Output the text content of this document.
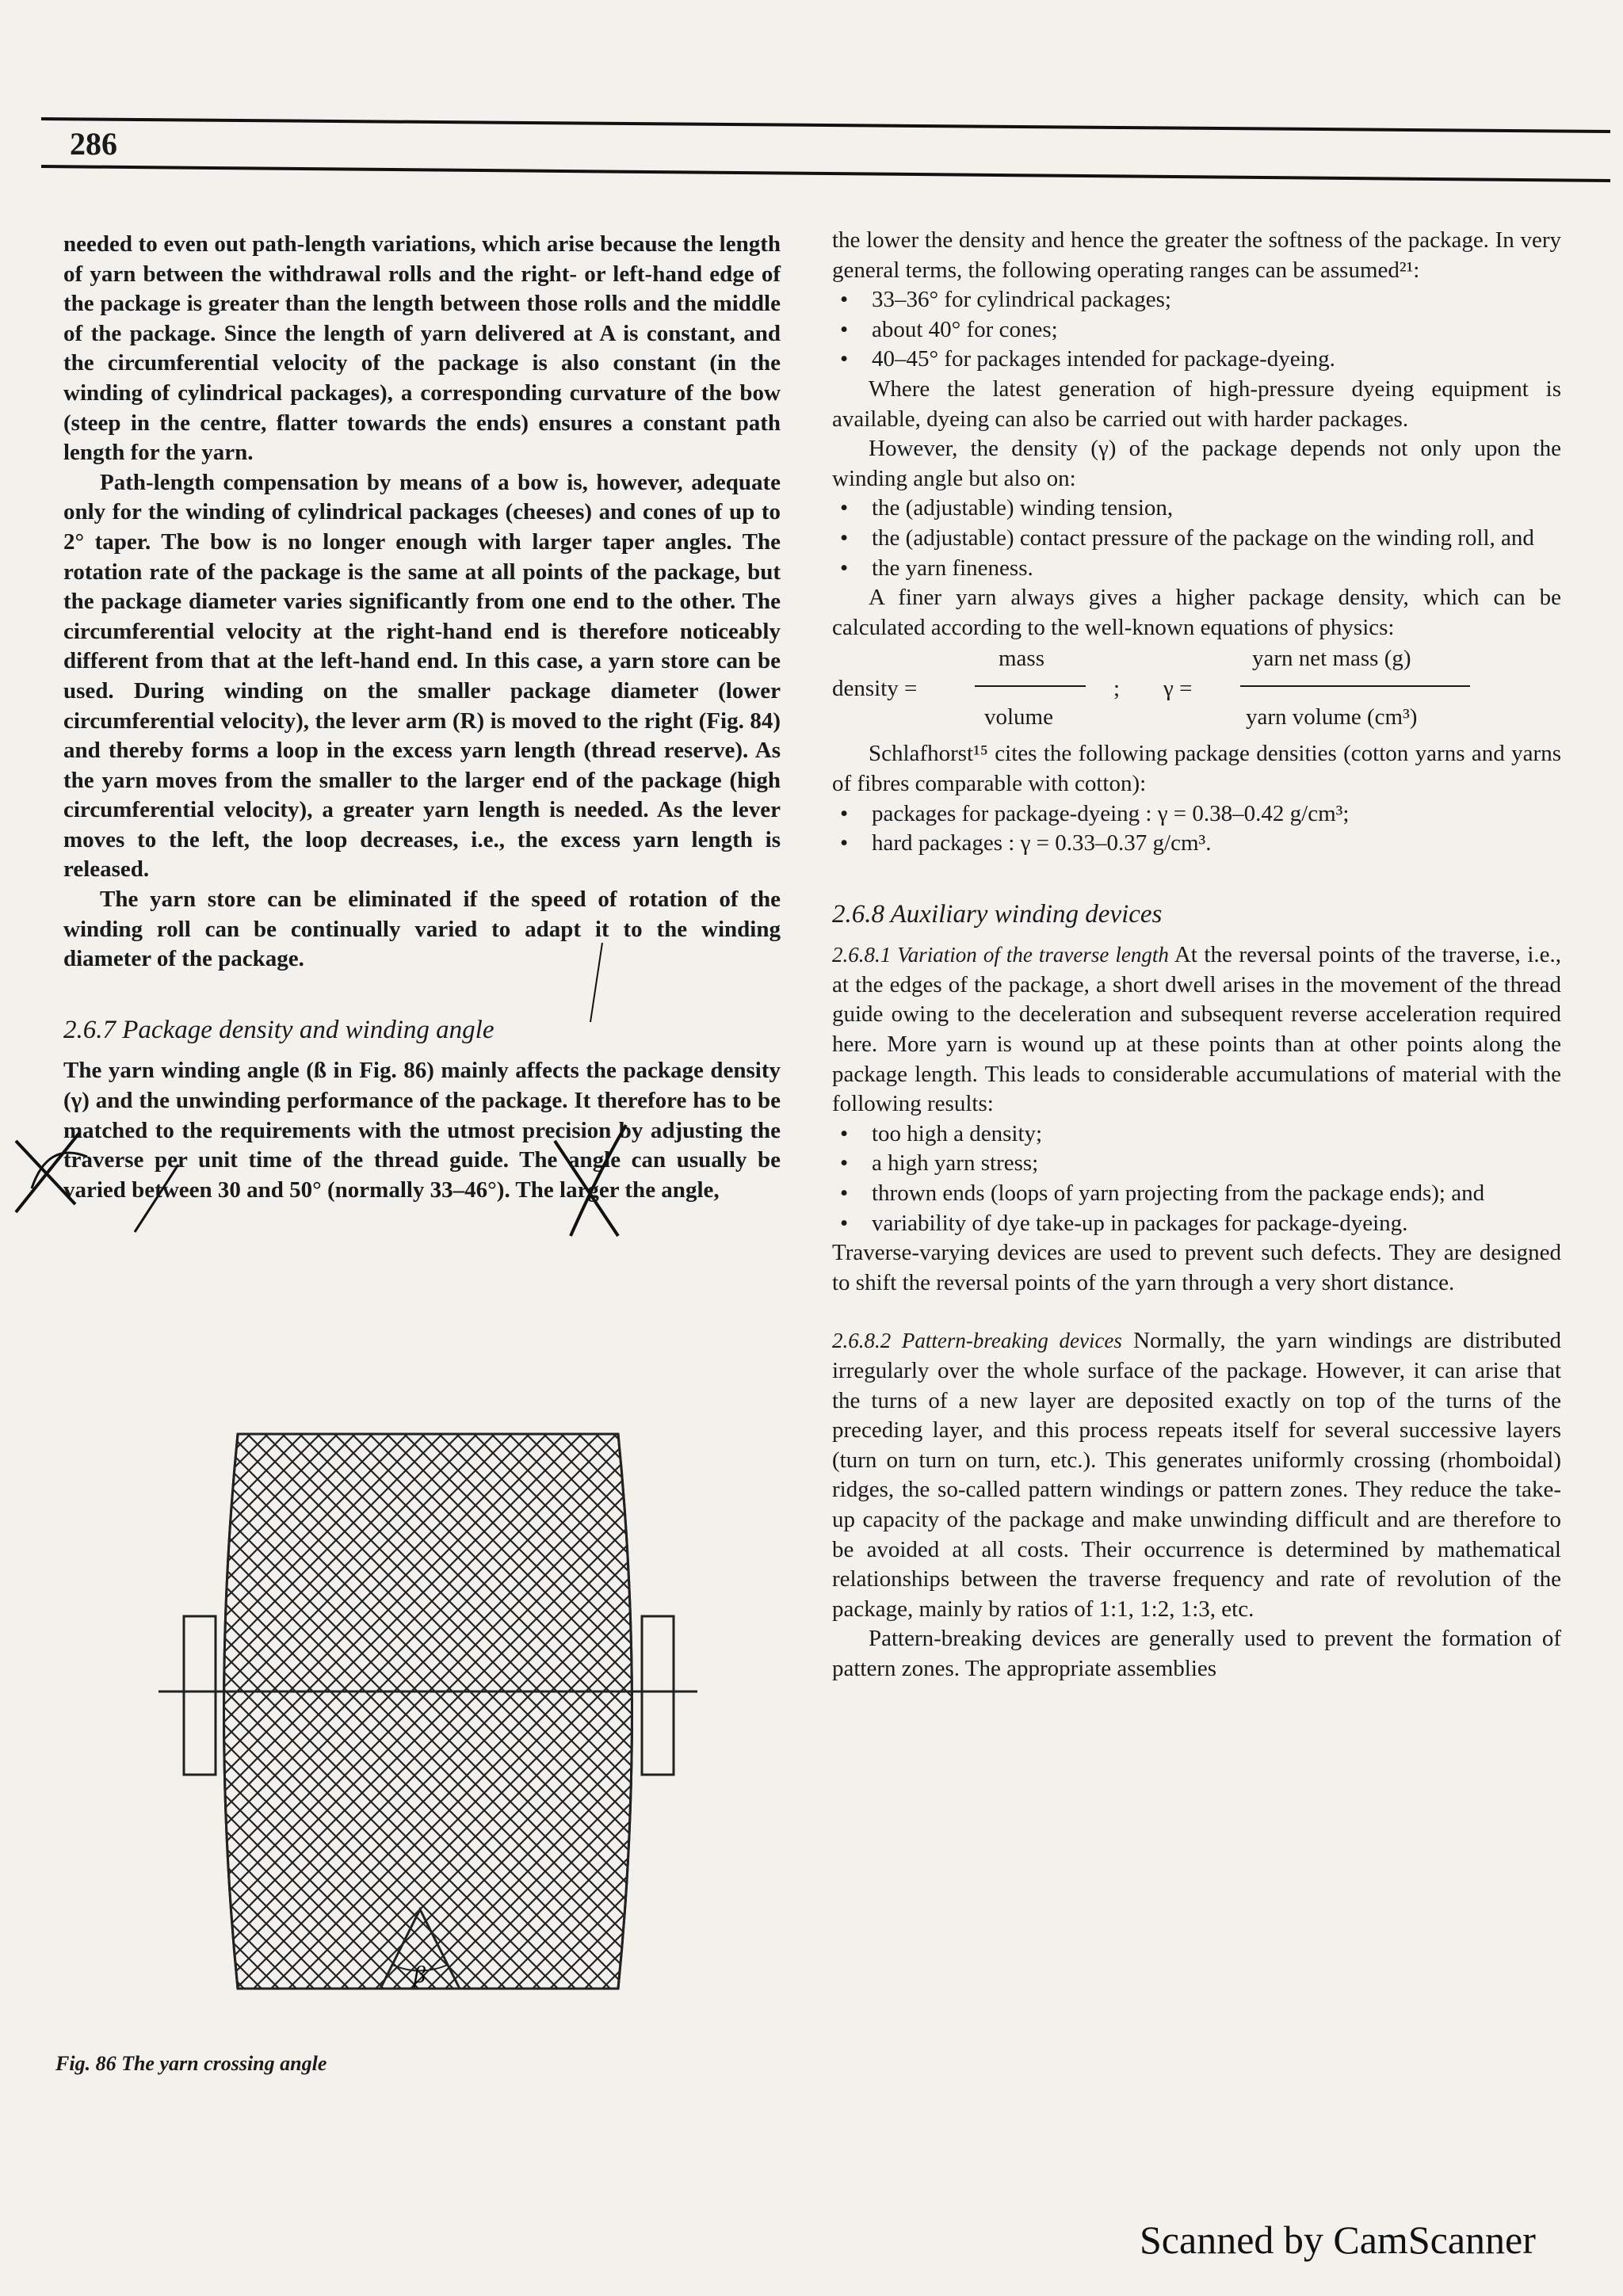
286

needed to even out path-length variations, which arise because the length of yarn between the withdrawal rolls and the right- or left-hand edge of the package is greater than the length between those rolls and the middle of the package. Since the length of yarn delivered at A is constant, and the circumferential velocity of the package is also constant (in the winding of cylindrical packages), a corresponding curvature of the bow (steep in the centre, flatter towards the ends) ensures a constant path length for the yarn.

Path-length compensation by means of a bow is, however, adequate only for the winding of cylindrical packages (cheeses) and cones of up to 2° taper. The bow is no longer enough with larger taper angles. The rotation rate of the package is the same at all points of the package, but the package diameter varies significantly from one end to the other. The circumferential velocity at the right-hand end is therefore noticeably different from that at the left-hand end. In this case, a yarn store can be used. During winding on the smaller package diameter (lower circumferential velocity), the lever arm (R) is moved to the right (Fig. 84) and thereby forms a loop in the excess yarn length (thread reserve). As the yarn moves from the smaller to the larger end of the package (high circumferential velocity), a greater yarn length is needed. As the lever moves to the left, the loop decreases, i.e., the excess yarn length is released.

The yarn store can be eliminated if the speed of rotation of the winding roll can be continually varied to adapt it to the winding diameter of the package.

2.6.7 Package density and winding angle

The yarn winding angle (ß in Fig. 86) mainly affects the package density (γ) and the unwinding performance of the package. It therefore has to be matched to the requirements with the utmost precision by adjusting the traverse per unit time of the thread guide. The angle can usually be varied between 30 and 50° (normally 33–46°). The larger the angle,

β
Fig. 86 The yarn crossing angle

the lower the density and hence the greater the softness of the package. In very general terms, the following operating ranges can be assumed²¹:

• 33–36° for cylindrical packages;
• about 40° for cones;
• 40–45° for packages intended for package-dyeing.

Where the latest generation of high-pressure dyeing equipment is available, dyeing can also be carried out with harder packages.

However, the density (γ) of the package depends not only upon the winding angle but also on:

• the (adjustable) winding tension,
• the (adjustable) contact pressure of the package on the winding roll, and
• the yarn fineness.

A finer yarn always gives a higher package density, which can be calculated according to the well-known equations of physics:

density =
mass
volume
; γ =
yarn net mass (g)
yarn volume (cm³)

Schlafhorst¹⁵ cites the following package densities (cotton yarns and yarns of fibres comparable with cotton):

• packages for package-dyeing : γ = 0.38–0.42 g/cm³;
• hard packages : γ = 0.33–0.37 g/cm³.

2.6.8 Auxiliary winding devices

2.6.8.1 Variation of the traverse length At the reversal points of the traverse, i.e., at the edges of the package, a short dwell arises in the movement of the thread guide owing to the deceleration and subsequent reverse acceleration required here. More yarn is wound up at these points than at other points along the package length. This leads to considerable accumulations of material with the following results:

• too high a density;
• a high yarn stress;
• thrown ends (loops of yarn projecting from the package ends); and
• variability of dye take-up in packages for package-dyeing.

Traverse-varying devices are used to prevent such defects. They are designed to shift the reversal points of the yarn through a very short distance.

2.6.8.2 Pattern-breaking devices Normally, the yarn windings are distributed irregularly over the whole surface of the package. However, it can arise that the turns of a new layer are deposited exactly on top of the turns of the preceding layer, and this process repeats itself for several successive layers (turn on turn on turn, etc.). This generates uniformly crossing (rhomboidal) ridges, the so-called pattern windings or pattern zones. They reduce the take-up capacity of the package and make unwinding difficult and are therefore to be avoided at all costs. Their occurrence is determined by mathematical relationships between the traverse frequency and rate of revolution of the package, mainly by ratios of 1:1, 1:2, 1:3, etc.

Pattern-breaking devices are generally used to prevent the formation of pattern zones. The appropriate assemblies

Scanned by CamScanner
